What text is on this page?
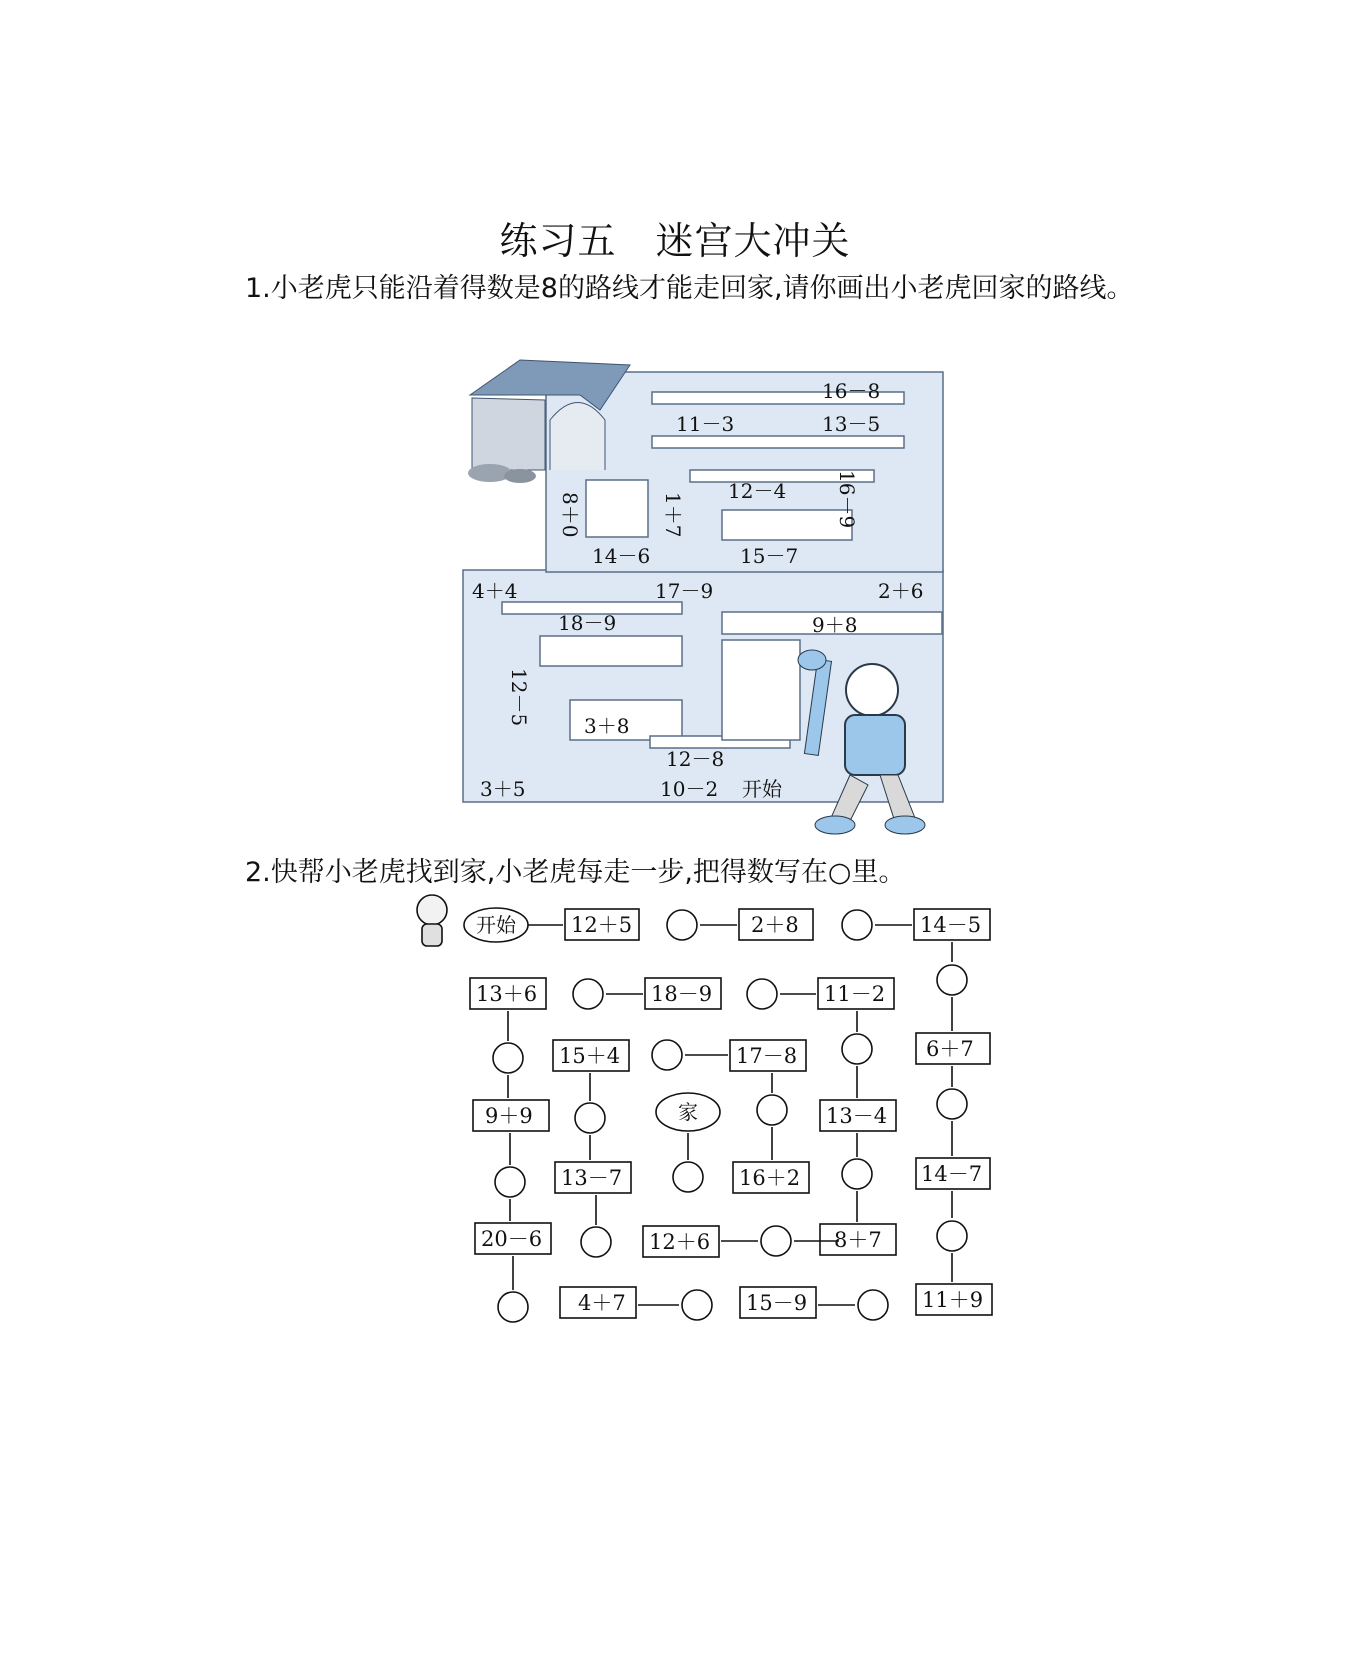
练习五　迷宫大冲关
1.小老虎只能沿着得数是8的路线才能走回家,请你画出小老虎回家的路线。
2.快帮小老虎找到家,小老虎每走一步,把得数写在○里。
16－8
11－3	13－5
12－4 16－9
1＋7
8＋0
14－6	15－7
4＋4	17－9	2＋6
18－9	9＋8
12－5	3＋8
12－8
3＋5	10－2 开始
开始
家
12＋5	2＋8	14－5
13＋6	18－9	11－2
6＋7
15＋4	17－8
9＋9	13－4
14－7
13－7	16＋2
20－6	12＋6	8＋7
4＋7	15－9	11＋9
